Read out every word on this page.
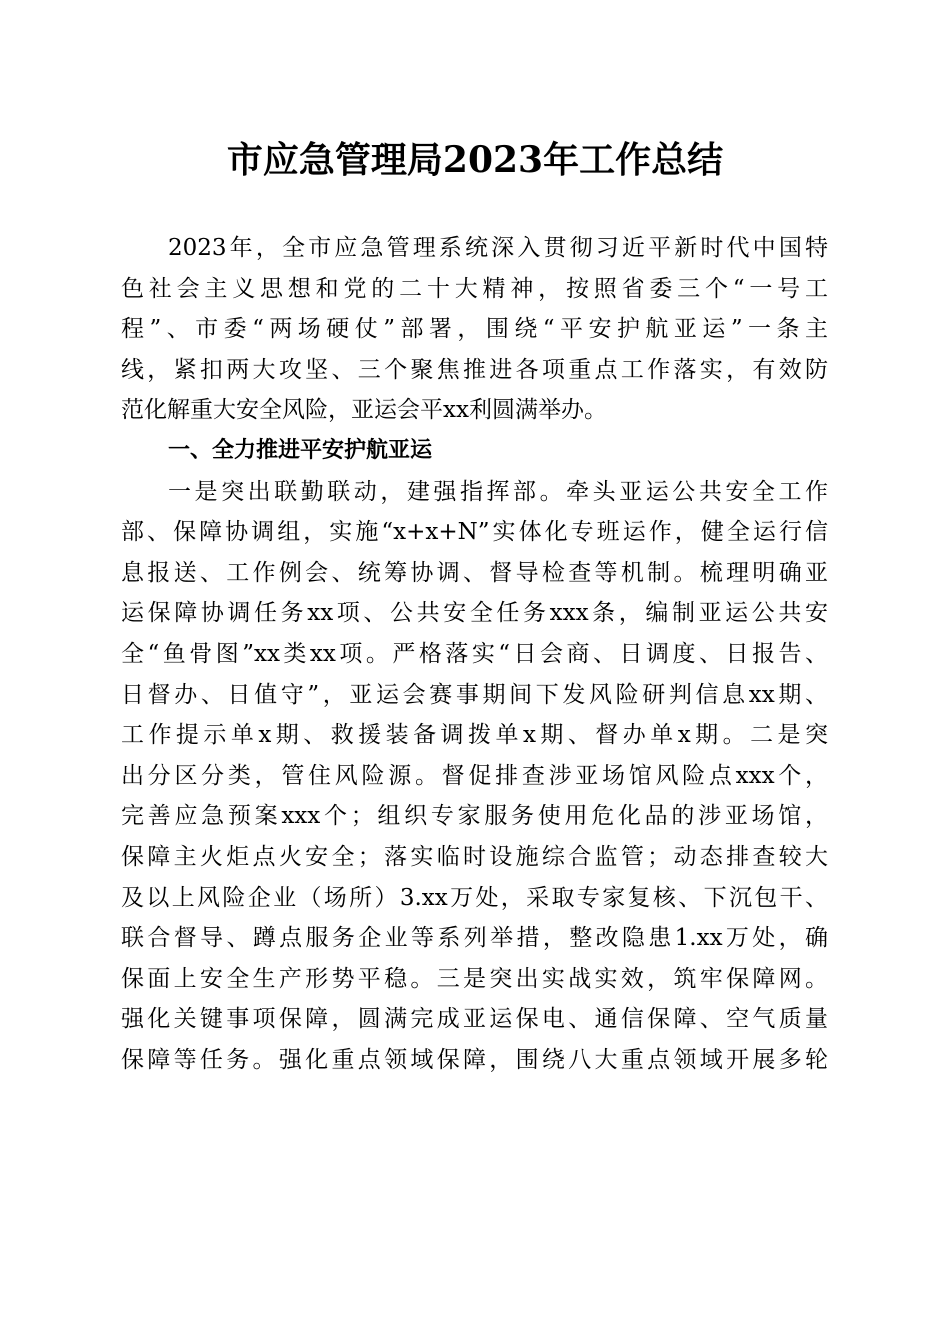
市应急管理局2023年工作总结
2023年，全市应急管理系统深入贯彻习近平新时代中国特
色社会主义思想和党的二十大精神，按照省委三个“一号工
程”、市委“两场硬仗”部署，围绕“平安护航亚运”一条主
线，紧扣两大攻坚、三个聚焦推进各项重点工作落实，有效防
范化解重大安全风险，亚运会平xx利圆满举办。
一、全力推进平安护航亚运
一是突出联勤联动，建强指挥部。牵头亚运公共安全工作
部、保障协调组，实施“x+x+N”实体化专班运作，健全运行信
息报送、工作例会、统筹协调、督导检查等机制。梳理明确亚
运保障协调任务xx项、公共安全任务xxx条，编制亚运公共安
全“鱼骨图”xx类xx项。严格落实“日会商、日调度、日报告、
日督办、日值守”，亚运会赛事期间下发风险研判信息xx期、
工作提示单x期、救援装备调拨单x期、督办单x期。二是突
出分区分类，管住风险源。督促排查涉亚场馆风险点xxx个，
完善应急预案xxx个；组织专家服务使用危化品的涉亚场馆，
保障主火炬点火安全；落实临时设施综合监管；动态排查较大
及以上风险企业（场所）3.xx万处，采取专家复核、下沉包干、
联合督导、蹲点服务企业等系列举措，整改隐患1.xx万处，确
保面上安全生产形势平稳。三是突出实战实效，筑牢保障网。
强化关键事项保障，圆满完成亚运保电、通信保障、空气质量
保障等任务。强化重点领域保障，围绕八大重点领域开展多轮
